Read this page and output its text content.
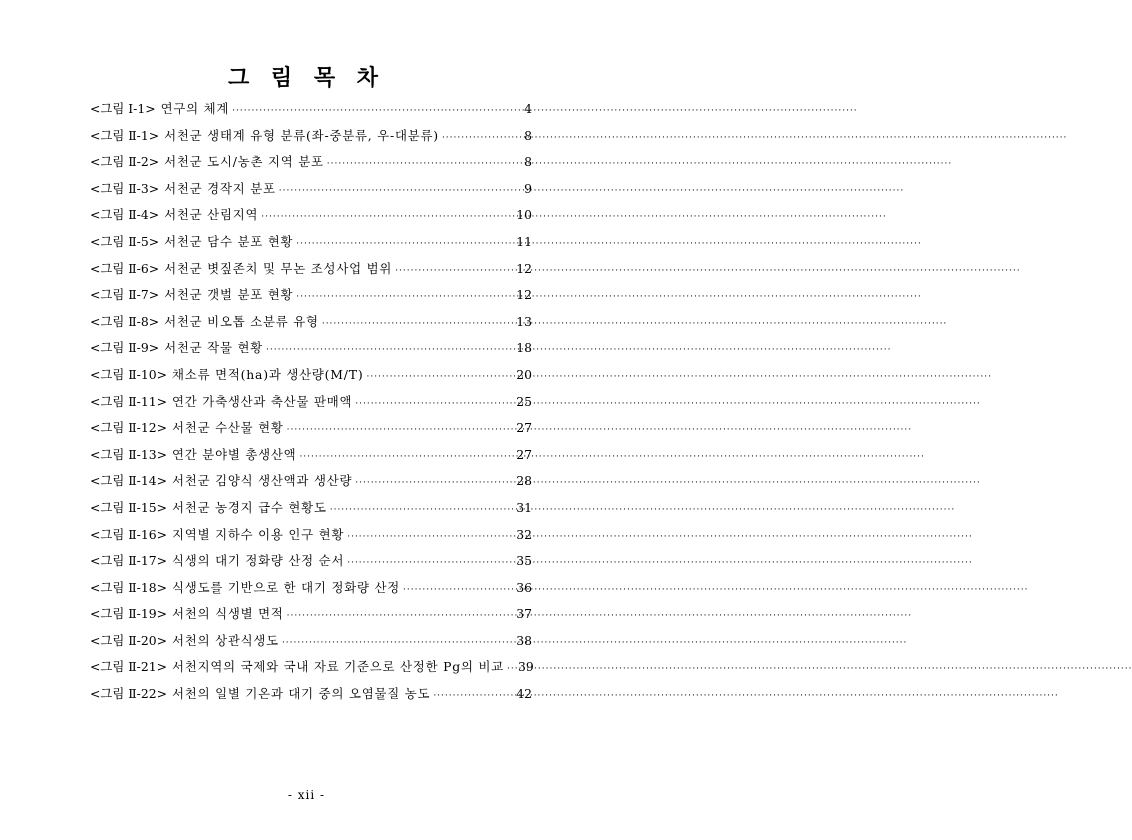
그 림 목 차
<그림 Ⅰ-1> 연구의 체계 ·····	4
<그림 Ⅱ-1> 서천군 생태계 유형 분류(좌-중분류, 우-대분류) ·····	8
<그림 Ⅱ-2> 서천군 도시/농촌 지역 분포 ·····	8
<그림 Ⅱ-3> 서천군 경작지 분포 ·····	9
<그림 Ⅱ-4> 서천군 산림지역 ·····	10
<그림 Ⅱ-5> 서천군 담수 분포 현황 ·····	11
<그림 Ⅱ-6> 서천군 볏짚존치 및 무논 조성사업 범위 ·····	12
<그림 Ⅱ-7> 서천군 갯벌 분포 현황 ·····	12
<그림 Ⅱ-8> 서천군 비오톱 소분류 유형 ·····	13
<그림 Ⅱ-9> 서천군 작물 현황 ·····	18
<그림 Ⅱ-10> 채소류 면적(ha)과 생산량(M/T) ·····	20
<그림 Ⅱ-11> 연간 가축생산과 축산물 판매액 ·····	25
<그림 Ⅱ-12> 서천군 수산물 현황 ·····	27
<그림 Ⅱ-13> 연간 분야별 총생산액 ·····	27
<그림 Ⅱ-14> 서천군 김양식 생산액과 생산량 ·····	28
<그림 Ⅱ-15> 서천군 농경지 급수 현황도 ·····	31
<그림 Ⅱ-16> 지역별 지하수 이용 인구 현황 ·····	32
<그림 Ⅱ-17> 식생의 대기 정화량 산정 순서 ·····	35
<그림 Ⅱ-18> 식생도를 기반으로 한 대기 정화량 산정 ·····	36
<그림 Ⅱ-19> 서천의 식생별 면적 ·····	37
<그림 Ⅱ-20> 서천의 상관식생도 ·····	38
<그림 Ⅱ-21> 서천지역의 국제와 국내 자료 기준으로 산정한 Pg의 비교 ····· 39
<그림 Ⅱ-22> 서천의 일별 기온과 대기 중의 오염물질 농도 ·····	42

- xii -
